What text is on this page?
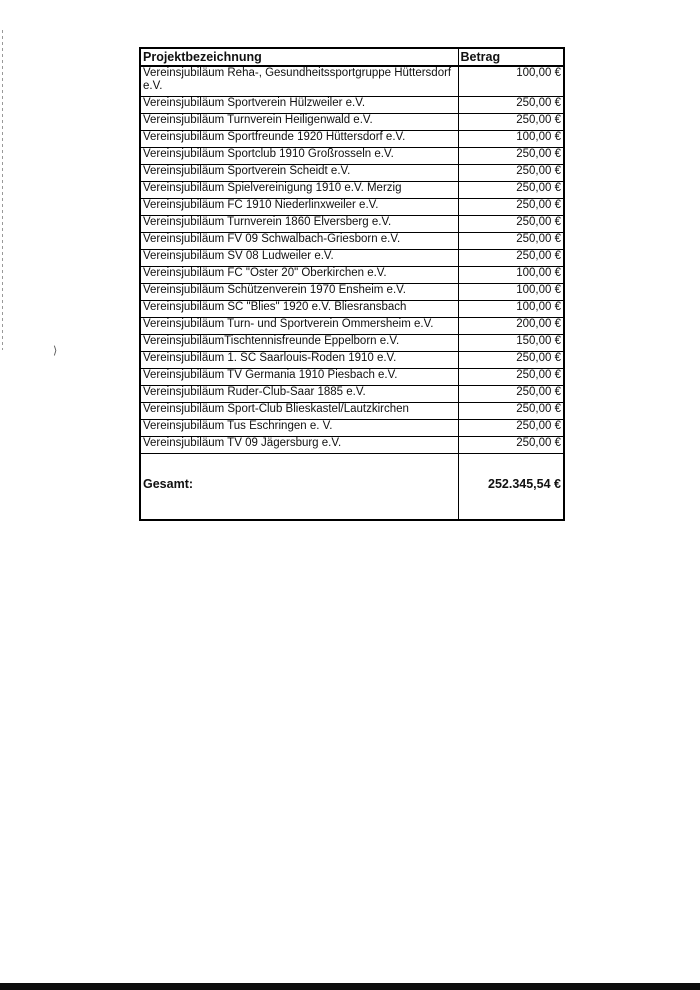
⟩
Projektbezeichnung	Betrag
Vereinsjubiläum Reha-, Gesundheitssportgruppe Hüttersdorf e.V.	100,00 €
Vereinsjubiläum Sportverein Hülzweiler e.V.	250,00 €
Vereinsjubiläum Turnverein Heiligenwald e.V.	250,00 €
Vereinsjubiläum Sportfreunde 1920 Hüttersdorf e.V.	100,00 €
Vereinsjubiläum Sportclub 1910 Großrosseln e.V.	250,00 €
Vereinsjubiläum Sportverein Scheidt e.V.	250,00 €
Vereinsjubiläum Spielvereinigung 1910 e.V. Merzig	250,00 €
Vereinsjubiläum FC 1910 Niederlinxweiler e.V.	250,00 €
Vereinsjubiläum Turnverein 1860 Elversberg e.V.	250,00 €
Vereinsjubiläum FV 09 Schwalbach-Griesborn e.V.	250,00 €
Vereinsjubiläum SV 08 Ludweiler e.V.	250,00 €
Vereinsjubiläum FC "Oster 20" Oberkirchen e.V.	100,00 €
Vereinsjubiläum Schützenverein 1970 Ensheim e.V.	100,00 €
Vereinsjubiläum SC "Blies" 1920 e.V. Bliesransbach	100,00 €
Vereinsjubiläum Turn- und Sportverein Ommersheim e.V.	200,00 €
VereinsjubiläumTischtennisfreunde Eppelborn e.V.	150,00 €
Vereinsjubiläum 1. SC Saarlouis-Roden 1910 e.V.	250,00 €
Vereinsjubiläum TV Germania 1910 Piesbach e.V.	250,00 €
Vereinsjubiläum Ruder-Club-Saar 1885 e.V.	250,00 €
Vereinsjubiläum Sport-Club Blieskastel/Lautzkirchen	250,00 €
Vereinsjubiläum Tus Eschringen e. V.	250,00 €
Vereinsjubiläum TV 09 Jägersburg e.V.	250,00 €

Gesamt:	252.345,54 €
